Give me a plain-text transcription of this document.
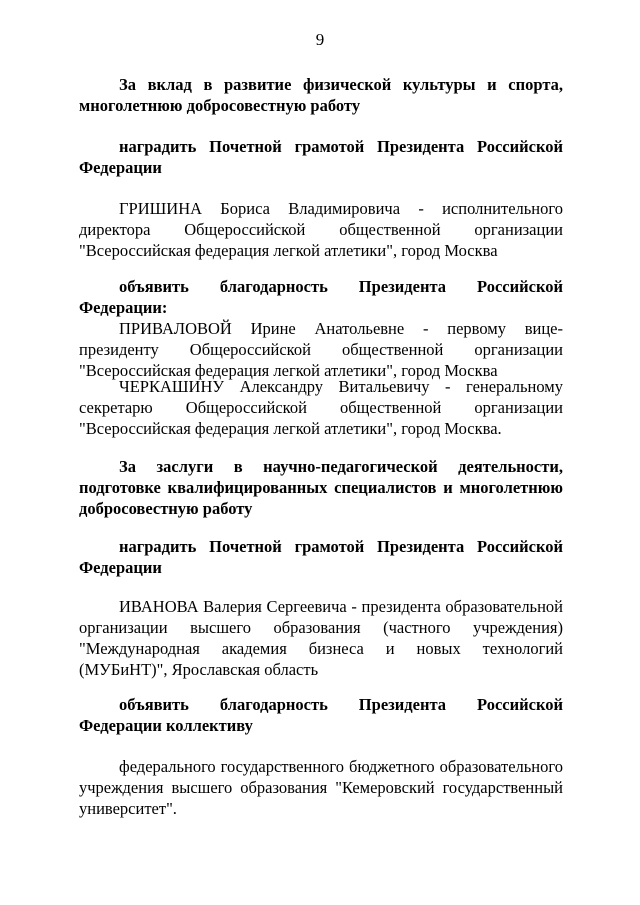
9
За вклад в развитие физической культуры и спорта, многолетнюю добросовестную работу
наградить Почетной грамотой Президента Российской Федерации
ГРИШИНА Бориса Владимировича - исполнительного директора Общероссийской общественной организации "Всероссийская федерация легкой атлетики", город Москва
объявить благодарность Президента Российской Федерации:
ПРИВАЛОВОЙ Ирине Анатольевне - первому вице-президенту Общероссийской общественной организации "Всероссийская федерация легкой атлетики", город Москва
ЧЕРКАШИНУ Александру Витальевичу - генеральному секретарю Общероссийской общественной организации "Всероссийская федерация легкой атлетики", город Москва.
За заслуги в научно-педагогической деятельности, подготовке квалифицированных специалистов и многолетнюю добросовестную работу
наградить Почетной грамотой Президента Российской Федерации
ИВАНОВА Валерия Сергеевича - президента образовательной организации высшего образования (частного учреждения) "Международная академия бизнеса и новых технологий (МУБиНТ)", Ярославская область
объявить благодарность Президента Российской Федерации коллективу
федерального государственного бюджетного образовательного учреждения высшего образования "Кемеровский государственный университет".
